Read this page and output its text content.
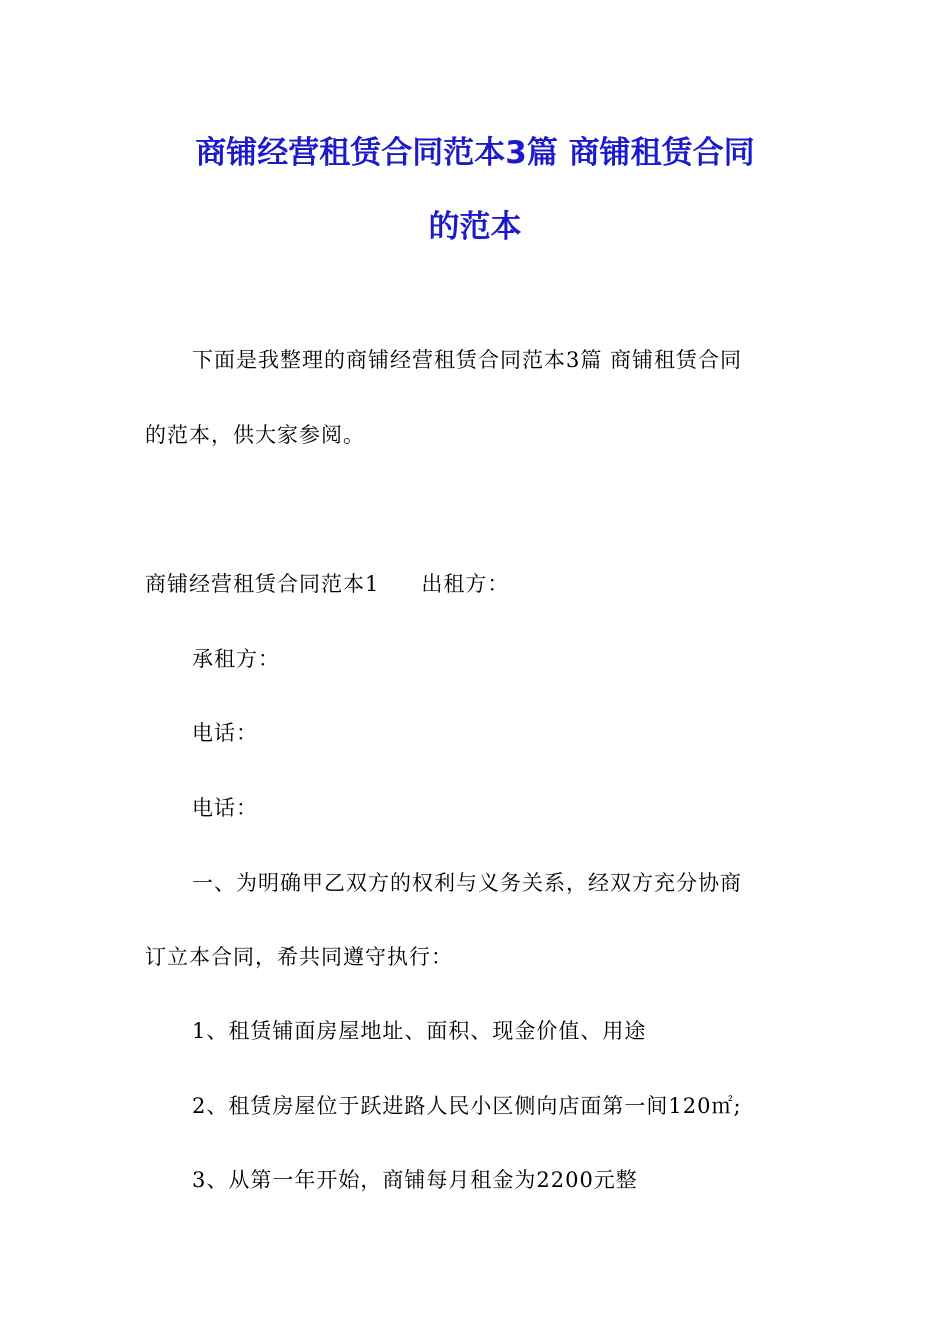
商铺经营租赁合同范本3篇 商铺租赁合同
的范本
下面是我整理的商铺经营租赁合同范本3篇 商铺租赁合同
的范本，供大家参阅。
商铺经营租赁合同范本1 出租方：
承租方：
电话：
电话：
一、为明确甲乙双方的权利与义务关系，经双方充分协商
订立本合同，希共同遵守执行：
1、租赁铺面房屋地址、面积、现金价值、用途
2、租赁房屋位于跃进路人民小区侧向店面第一间120㎡;
3、从第一年开始，商铺每月租金为2200元整
